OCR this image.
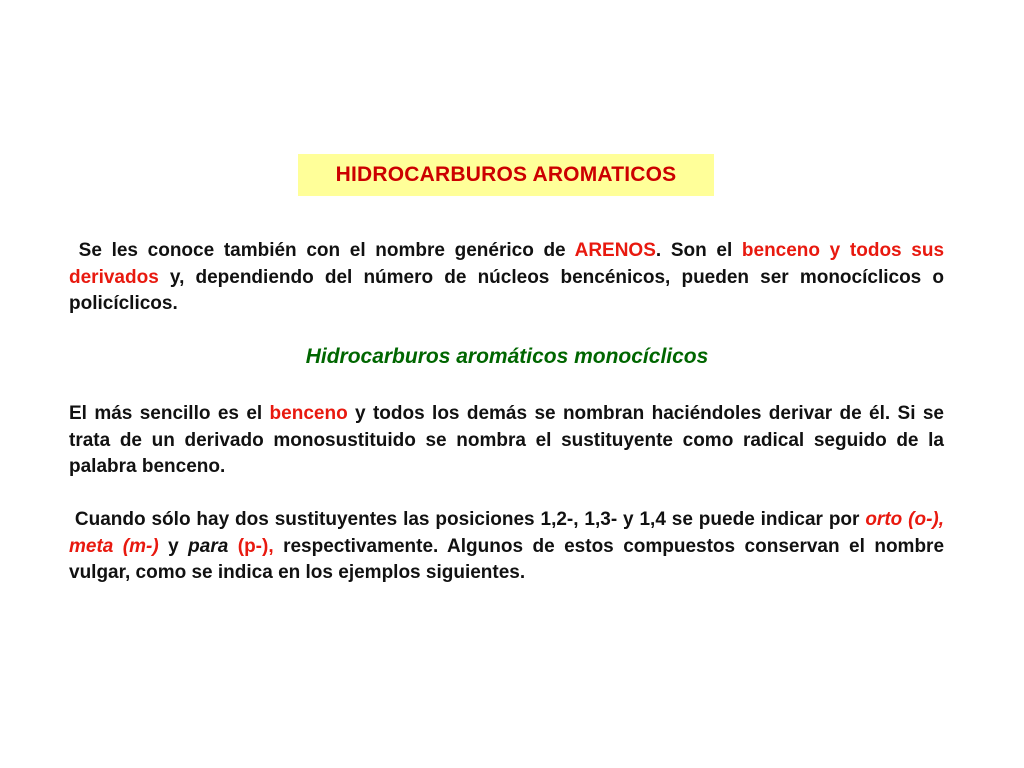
HIDROCARBUROS AROMATICOS

Se les conoce también con el nombre genérico de ARENOS. Son el benceno y todos sus derivados y, dependiendo del número de núcleos bencénicos, pueden ser monocíclicos o policíclicos.

Hidrocarburos aromáticos monocíclicos

El más sencillo es el benceno y todos los demás se nombran haciéndoles derivar de él. Si se trata de un derivado monosustituido se nombra el sustituyente como radical seguido de la palabra benceno.

Cuando sólo hay dos sustituyentes las posiciones 1,2-, 1,3- y 1,4 se puede indicar por orto (o-), meta (m-) y para (p-), respectivamente. Algunos de estos compuestos conservan el nombre vulgar, como se indica en los ejemplos siguientes.
